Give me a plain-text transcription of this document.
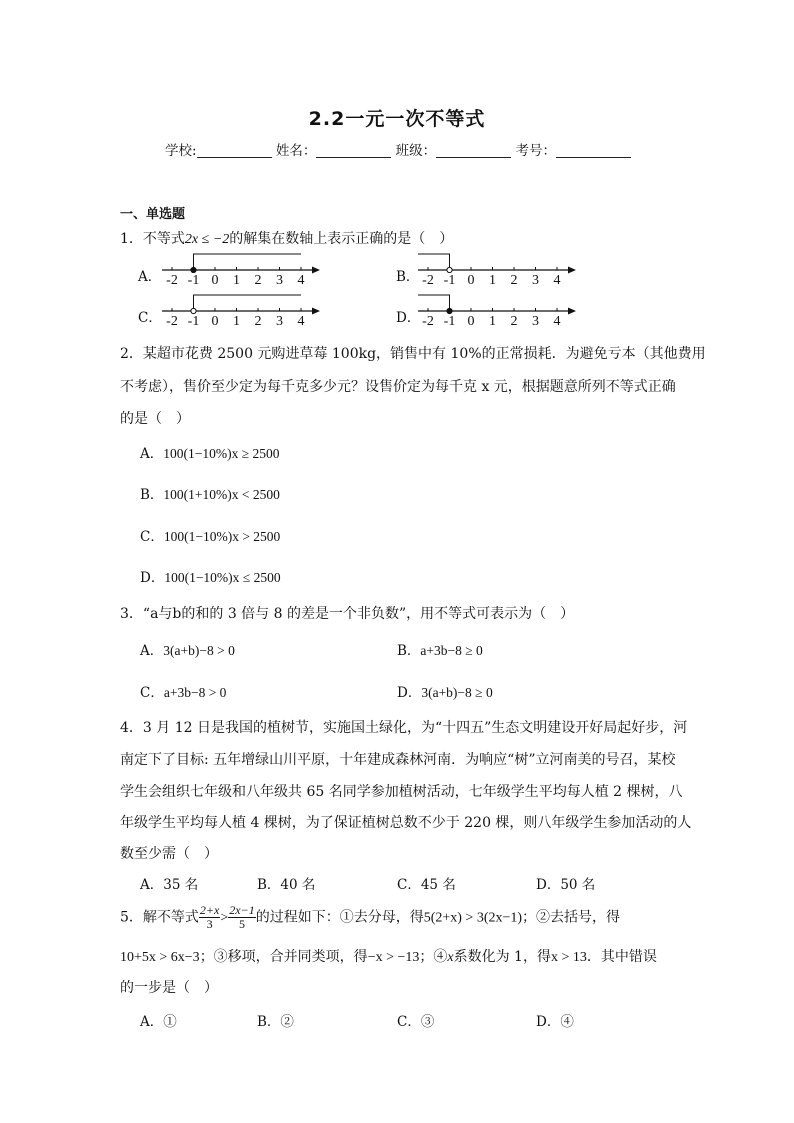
2.2一元一次不等式
学校:	姓名：	班级：	考号：
一、单选题
1．不等式2x ≤ −2的解集在数轴上表示正确的是（　）
A．	B．
C．	D．
-2 -1 0 1 2 3 4	-2 -1 0 1 2 3 4
-2 -1 0 1 2 3 4	-2 -1 0 1 2 3 4
2．某超市花费 2500 元购进草莓 100kg，销售中有 10%的正常损耗．为避免亏本（其他费用
不考虑），售价至少定为每千克多少元？设售价定为每千克 x 元，根据题意所列不等式正确
的是（　）
A．100(1−10%)x ≥ 2500
B．100(1+10%)x < 2500
C．100(1−10%)x > 2500
D．100(1−10%)x ≤ 2500
3．“a与b的和的 3 倍与 8 的差是一个非负数”，用不等式可表示为（　）
A．3(a+b)−8 > 0	B．a+3b−8 ≥ 0
C．a+3b−8 > 0	D．3(a+b)−8 ≥ 0
4．3 月 12 日是我国的植树节，实施国土绿化，为“十四五”生态文明建设开好局起好步，河
南定下了目标: 五年增绿山川平原，十年建成森林河南．为响应“树”立河南美的号召，某校
学生会组织七年级和八年级共 65 名同学参加植树活动，七年级学生平均每人植 2 棵树，八
年级学生平均每人植 4 棵树，为了保证植树总数不少于 220 棵，则八年级学生参加活动的人
数至少需（　）
A．35 名	B．40 名	C．45 名	D．50 名
5．解不等式 $\frac{2+x}{3} > \frac{2x-1}{5}$ 的过程如下：①去分母，得5(2+x) > 3(2x−1)；②去括号，得
10+5x > 6x−3；③移项，合并同类项，得−x > −13；④x系数化为 1，得x > 13．其中错误
的一步是（　）
A．①	B．②	C．③	D．④
